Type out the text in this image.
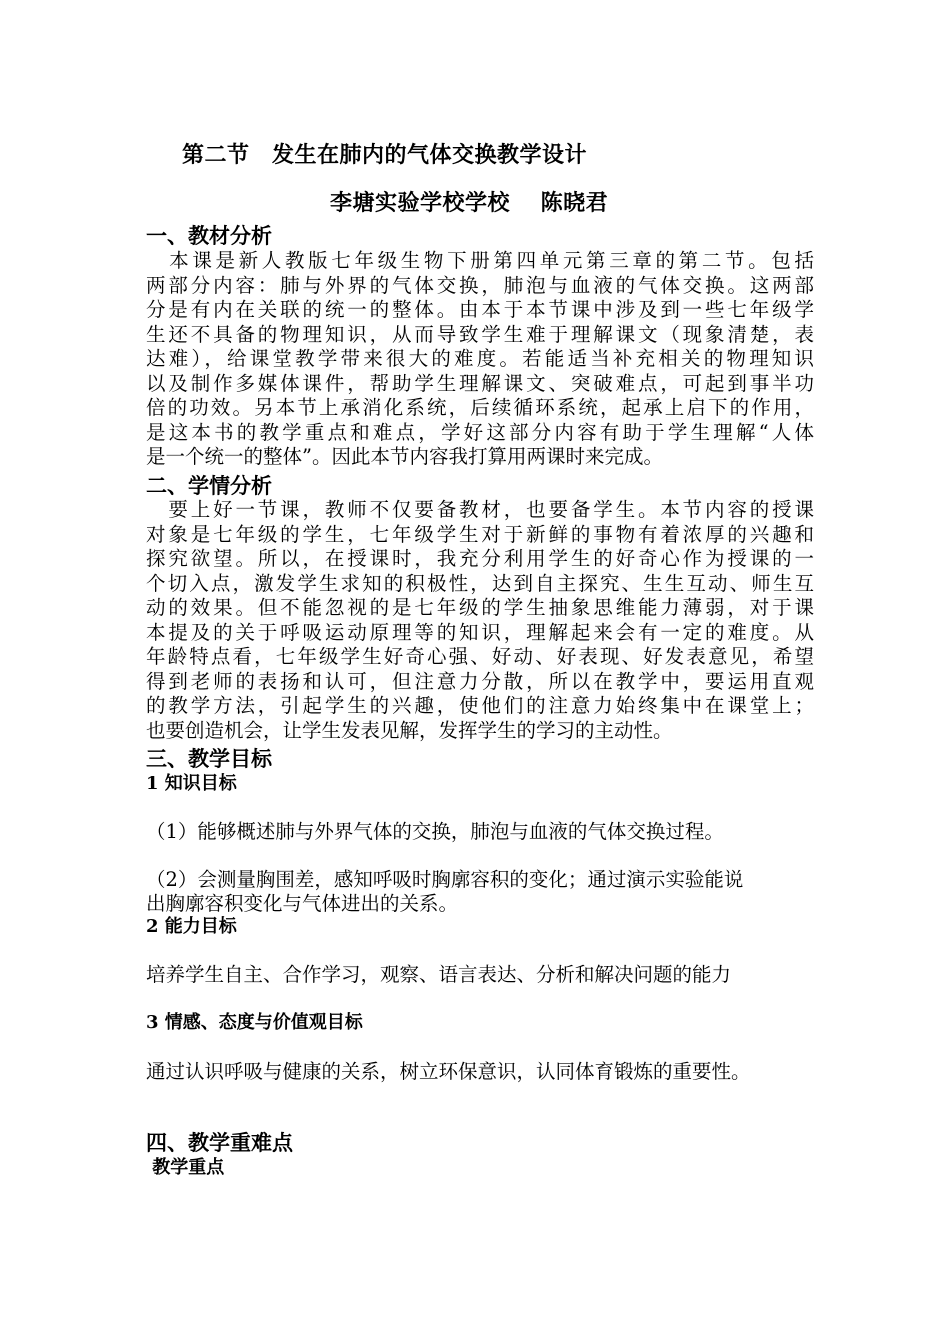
第二节　发生在肺内的气体交换教学设计
李塘实验学校学校　 陈晓君
一、教材分析
　本课是新人教版七年级生物下册第四单元第三章的第二节。包括
两部分内容：肺与外界的气体交换，肺泡与血液的气体交换。这两部
分是有内在关联的统一的整体。由本于本节课中涉及到一些七年级学
生还不具备的物理知识，从而导致学生难于理解课文（现象清楚，表
达难），给课堂教学带来很大的难度。若能适当补充相关的物理知识
以及制作多媒体课件，帮助学生理解课文、突破难点，可起到事半功
倍的功效。另本节上承消化系统，后续循环系统，起承上启下的作用，
是这本书的教学重点和难点，学好这部分内容有助于学生理解“人体
是一个统一的整体”。因此本节内容我打算用两课时来完成。
二、学情分析
　要上好一节课，教师不仅要备教材，也要备学生。本节内容的授课
对象是七年级的学生，七年级学生对于新鲜的事物有着浓厚的兴趣和
探究欲望。所以，在授课时，我充分利用学生的好奇心作为授课的一
个切入点，激发学生求知的积极性，达到自主探究、生生互动、师生互
动的效果。但不能忽视的是七年级的学生抽象思维能力薄弱，对于课
本提及的关于呼吸运动原理等的知识，理解起来会有一定的难度。从
年龄特点看，七年级学生好奇心强、好动、好表现、好发表意见，希望
得到老师的表扬和认可，但注意力分散，所以在教学中，要运用直观
的教学方法，引起学生的兴趣，使他们的注意力始终集中在课堂上；
也要创造机会，让学生发表见解，发挥学生的学习的主动性。
三、教学目标
1 知识目标
（1）能够概述肺与外界气体的交换，肺泡与血液的气体交换过程。
（2）会测量胸围差，感知呼吸时胸廓容积的变化；通过演示实验能说
出胸廓容积变化与气体进出的关系。
2 能力目标
培养学生自主、合作学习，观察、语言表达、分析和解决问题的能力
3 情感、态度与价值观目标
通过认识呼吸与健康的关系，树立环保意识，认同体育锻炼的重要性。
四、教学重难点
教学重点
